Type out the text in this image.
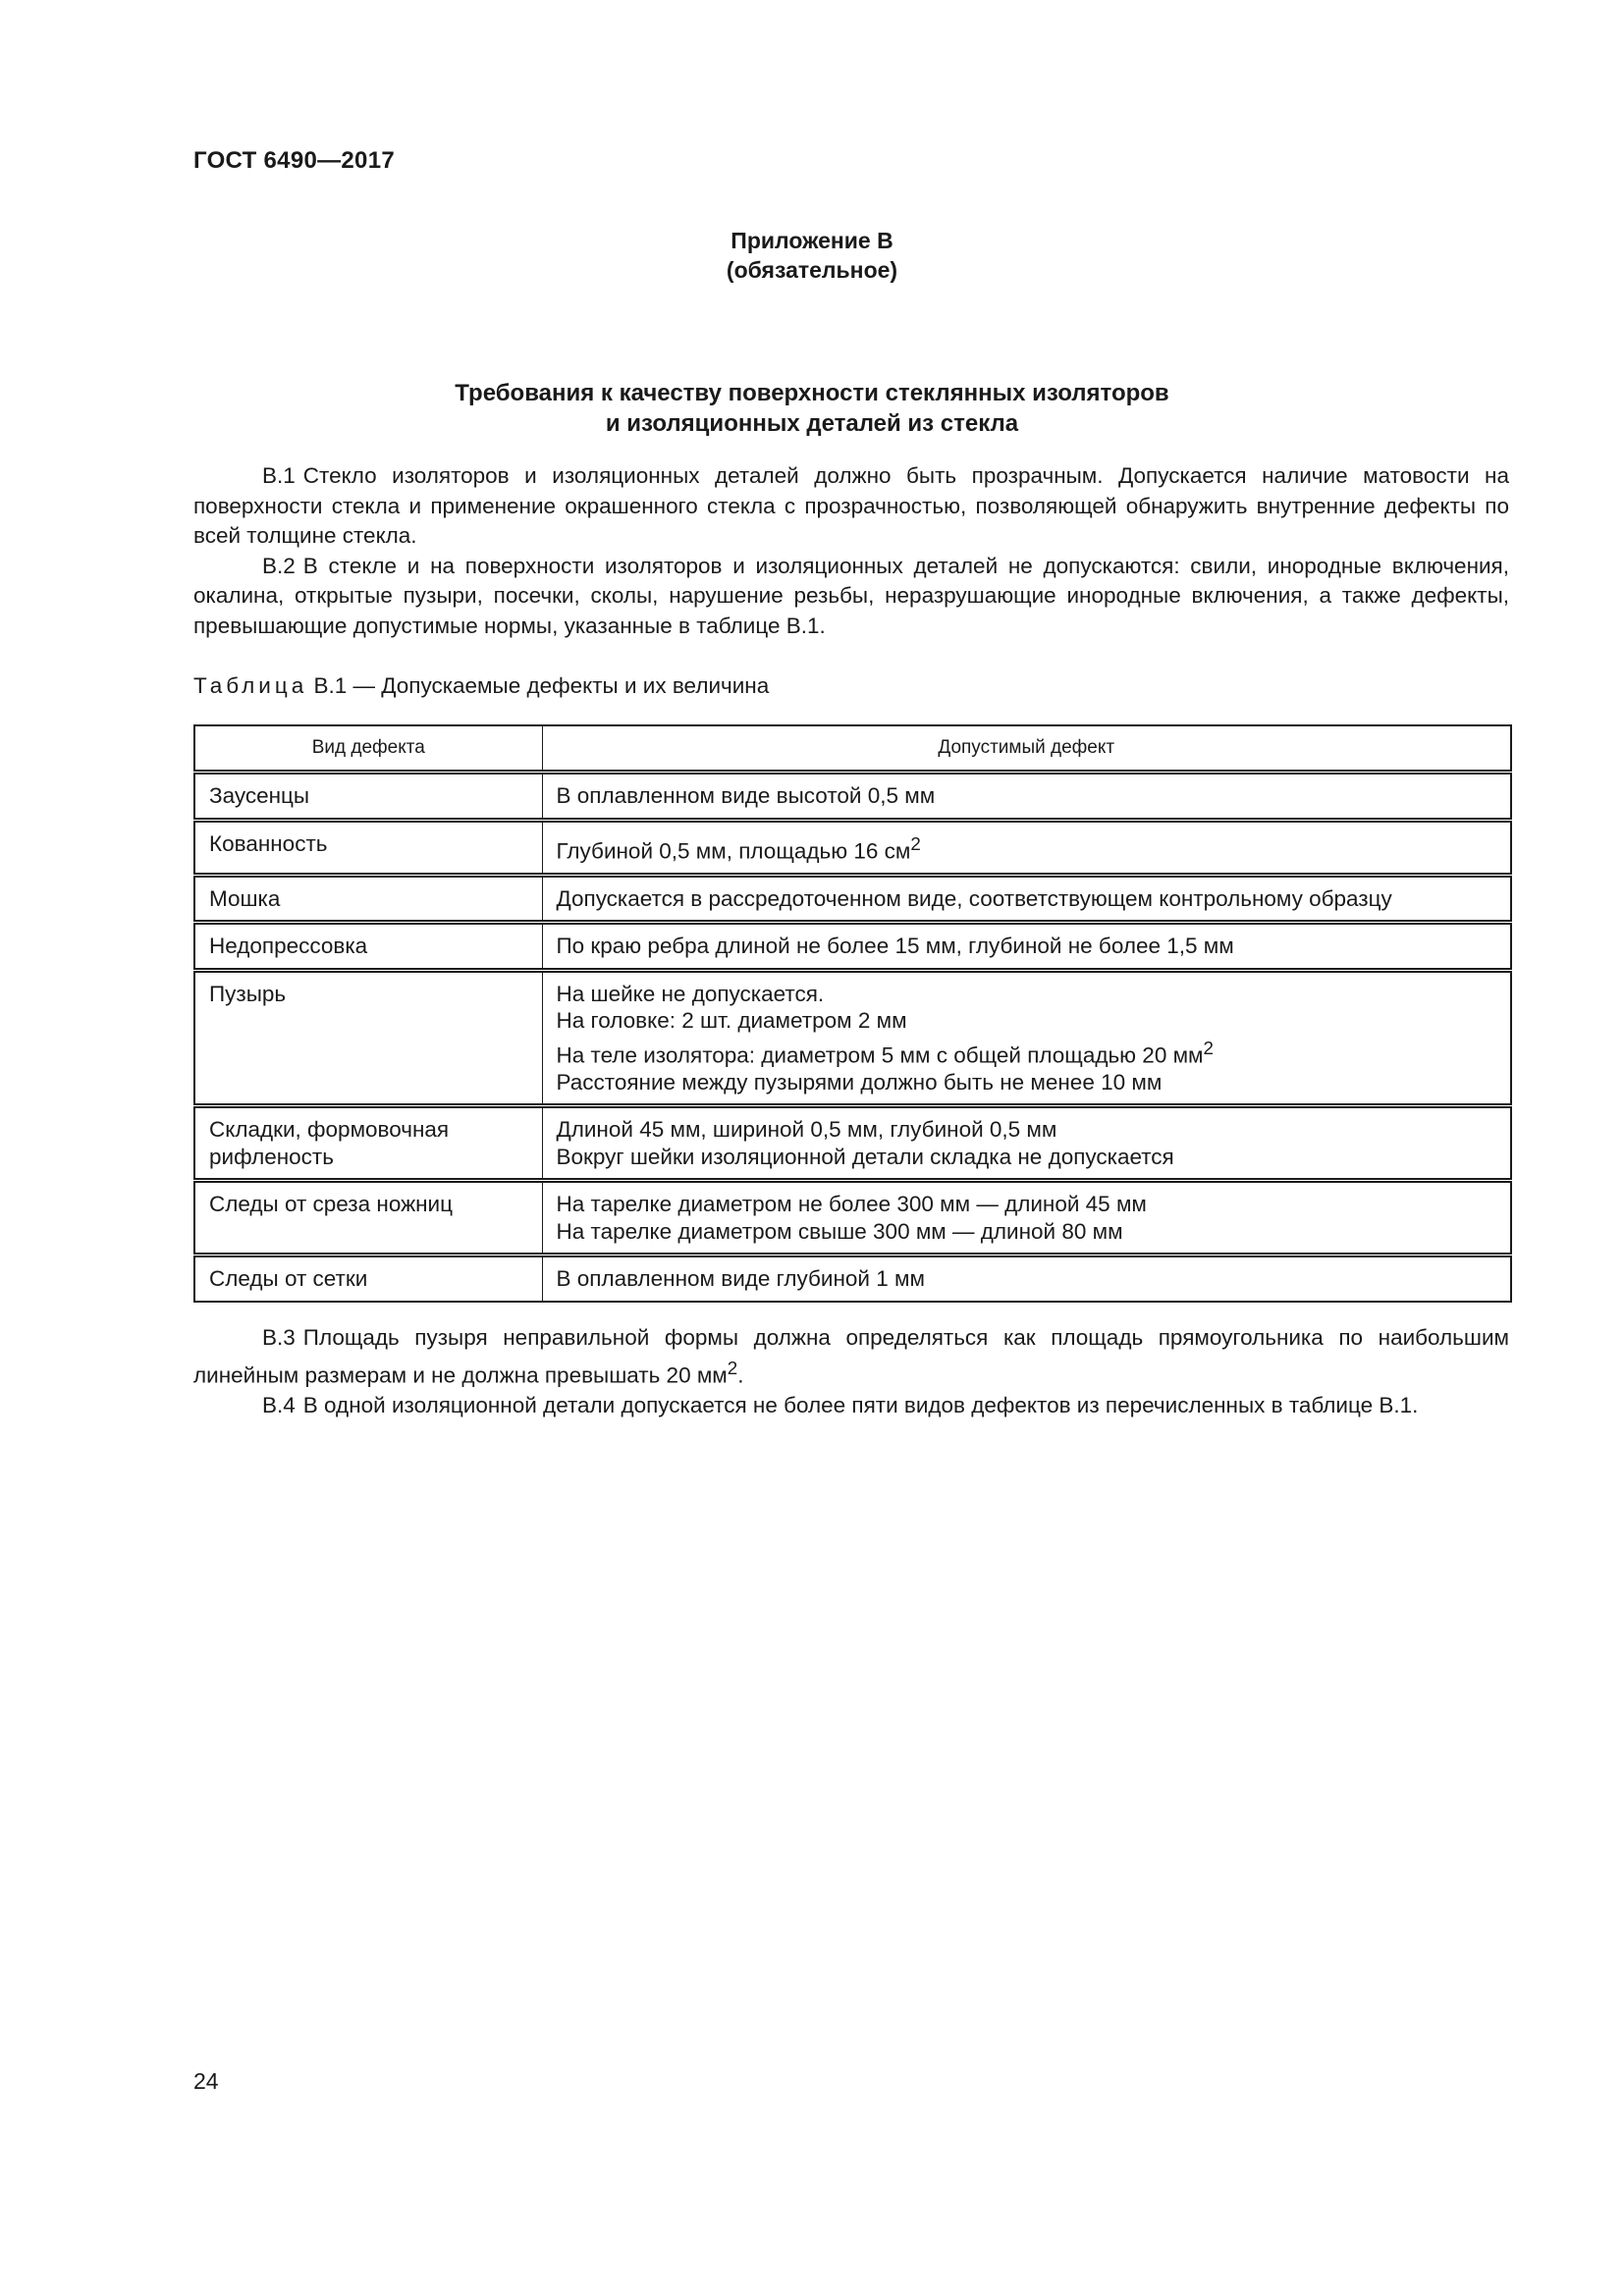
ГОСТ 6490—2017
Приложение В
(обязательное)
Требования к качеству поверхности стеклянных изоляторов
и изоляционных деталей из стекла

В.1 Стекло изоляторов и изоляционных деталей должно быть прозрачным. Допускается наличие матовости на поверхности стекла и применение окрашенного стекла с прозрачностью, позволяющей обнаружить внутренние дефекты по всей толщине стекла.

В.2 В стекле и на поверхности изоляторов и изоляционных деталей не допускаются: свили, инородные включения, окалина, открытые пузыри, посечки, сколы, нарушение резьбы, неразрушающие инородные включения, а также дефекты, превышающие допустимые нормы, указанные в таблице В.1.

Таблица В.1 — Допускаемые дефекты и их величина
Вид дефекта	Допустимый дефект
Заусенцы	В оплавленном виде высотой 0,5 мм

Кованность	Глубиной 0,5 мм, площадью 16 $см^2$

Мошка	Допускается в рассредоточенном виде, соответствующем контрольному образцу

Недопрессовка	По краю ребра длиной не более 15 мм, глубиной не более 1,5 мм

Пузырь	На шейке не допускается.
На головке: 2 шт. диаметром 2 мм
На теле изолятора: диаметром 5 мм с общей площадью 20 $мм^2$
Расстояние между пузырями должно быть не менее 10 мм

Складки, формовочная
рифленость	Длиной 45 мм, шириной 0,5 мм, глубиной 0,5 мм
Вокруг шейки изоляционной детали складка не допускается

Следы от среза ножниц	На тарелке диаметром не более 300 мм — длиной 45 мм
На тарелке диаметром свыше 300 мм — длиной 80 мм

Следы от сетки	В оплавленном виде глубиной 1 мм

В.3 Площадь пузыря неправильной формы должна определяться как площадь прямоугольника по наибольшим линейным размерам и не должна превышать 20 $мм^2$.

В.4 В одной изоляционной детали допускается не более пяти видов дефектов из перечисленных в таблице В.1.

24
